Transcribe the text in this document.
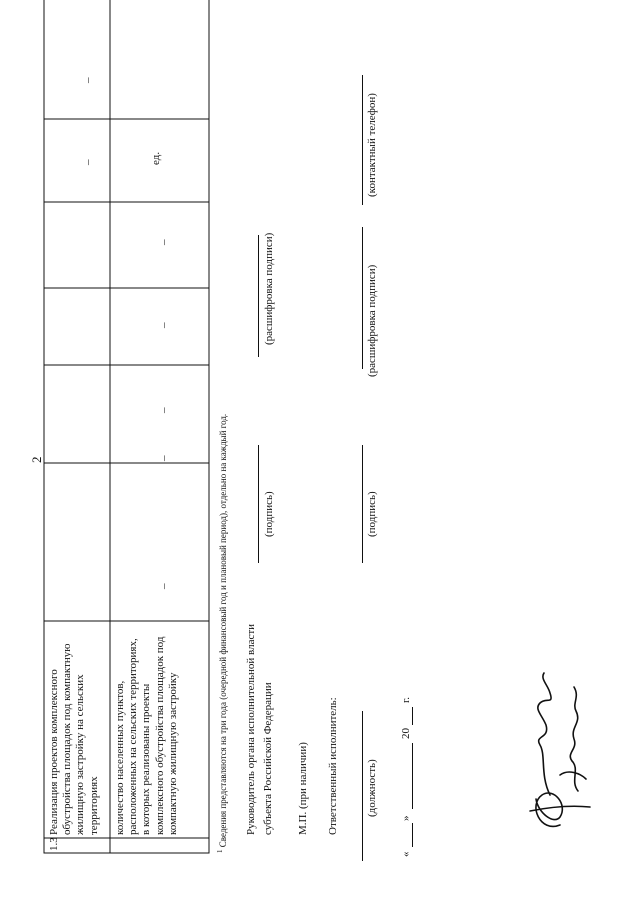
2
1.3
Реализация проектов комплексного обустройства площадок под компактную жилищную застройку на сельских территориях
–
–
количество населенных пунктов, расположенных на сельских территориях, в которых реализованы проекты комплексного обустройства площадок под компактную жилищную застройку
–
–
–
–
–
ед.
$^1$ Сведения представляются на три года (очередной финансовый год и плановый период), отдельно на каждый год. Руководитель органа исполнительной власти субъекта Российской Федерации
(подпись)
(расшифровка подписи)
М.П. (при наличии) Ответственный исполнитель: (должность)
(подпись)
(расшифровка подписи)
(контактный телефон)
«
»
20
г.
